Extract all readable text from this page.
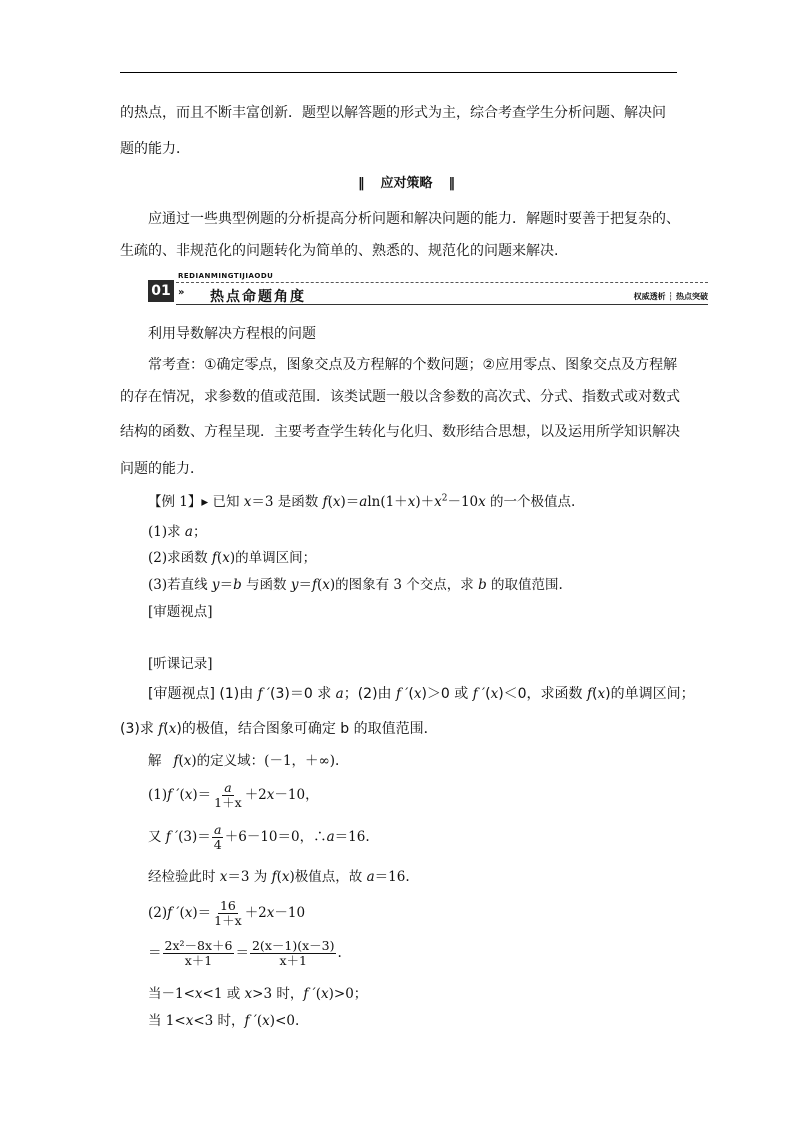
的热点，而且不断丰富创新．题型以解答题的形式为主，综合考查学生分析问题、解决问
题的能力．
‖ 应对策略 ‖
应通过一些典型例题的分析提高分析问题和解决问题的能力．解题时要善于把复杂的、
生疏的、非规范化的问题转化为简单的、熟悉的、规范化的问题来解决.
REDIANMINGTIJIAODU
01 » 热点命题角度	权威透析 ┆ 热点突破
利用导数解决方程根的问题
常考查：①确定零点，图象交点及方程解的个数问题；②应用零点、图象交点及方程解
的存在情况，求参数的值或范围．该类试题一般以含参数的高次式、分式、指数式或对数式
结构的函数、方程呈现．主要考查学生转化与化归、数形结合思想，以及运用所学知识解决
问题的能力．
【例 1】▸ 已知 x＝3 是函数 $f(x)=aln(1+x)+x^2-10x$ 的一个极值点.
(1)求 a；
(2)求函数 f(x)的单调区间；
(3)若直线 y＝b 与函数 y＝f(x)的图象有 3 个交点，求 b 的取值范围.
[审题视点]
[听课记录]
[审题视点] (1)由 f ′(3)＝0 求 a；(2)由 f ′(x)＞0 或 f ′(x)＜0，求函数 f(x)的单调区间；
(3)求 f(x)的极值，结合图象可确定 b 的取值范围．
解 f(x)的定义域：(－1，＋∞).
(1)f $'(x)= \frac{a}{1+x} +2x-10$，
又 f $'(3)= \frac{a}{4} +6-10=0$，∴a＝16.
经检验此时 x＝3 为 f(x)极值点，故 a＝16.
(2)f $'(x)= \frac{16}{1+x} +2x-10$
＝ $\frac{\text{2x²－8x＋6}}{x+1} = \frac{2(x-1)(x-3)}{x+1}$ .
当－1<x<1 或 x>3 时，f ′(x)>0；
当 1<x<3 时，f ′(x)<0.
